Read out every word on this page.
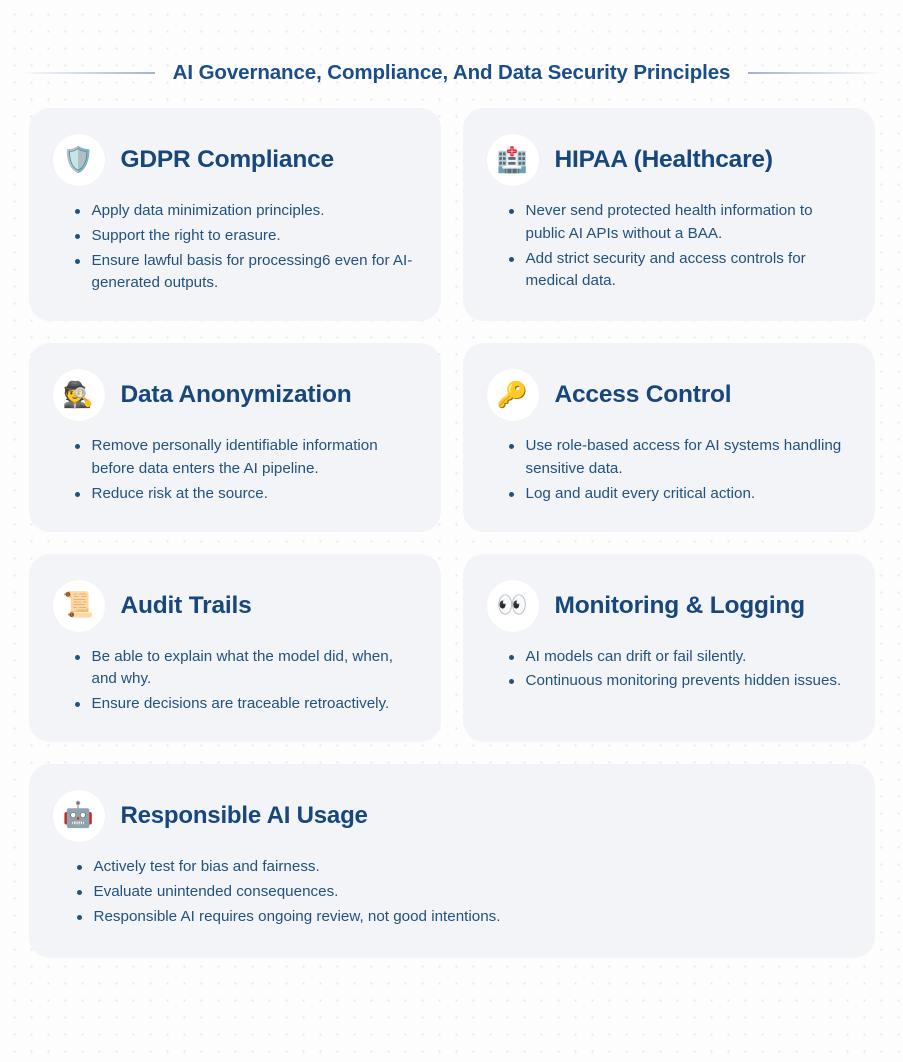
AI Governance, Compliance, And Data Security Principles
🛡️	GDPR Compliance
Apply data minimization principles.
Support the right to erasure.
Ensure lawful basis for processing6 even for AI-generated outputs.
🏥	HIPAA (Healthcare)
Never send protected health information to public AI APIs without a BAA.
Add strict security and access controls for medical data.
🕵️	Data Anonymization
Remove personally identifiable information before data enters the AI pipeline.
Reduce risk at the source.
🔑	Access Control
Use role-based access for AI systems handling sensitive data.
Log and audit every critical action.
📜	Audit Trails
Be able to explain what the model did, when, and why.
Ensure decisions are traceable retroactively.
👀	Monitoring & Logging
AI models can drift or fail silently.
Continuous monitoring prevents hidden issues.
🤖	Responsible AI Usage
Actively test for bias and fairness.
Evaluate unintended consequences.
Responsible AI requires ongoing review, not good intentions.
